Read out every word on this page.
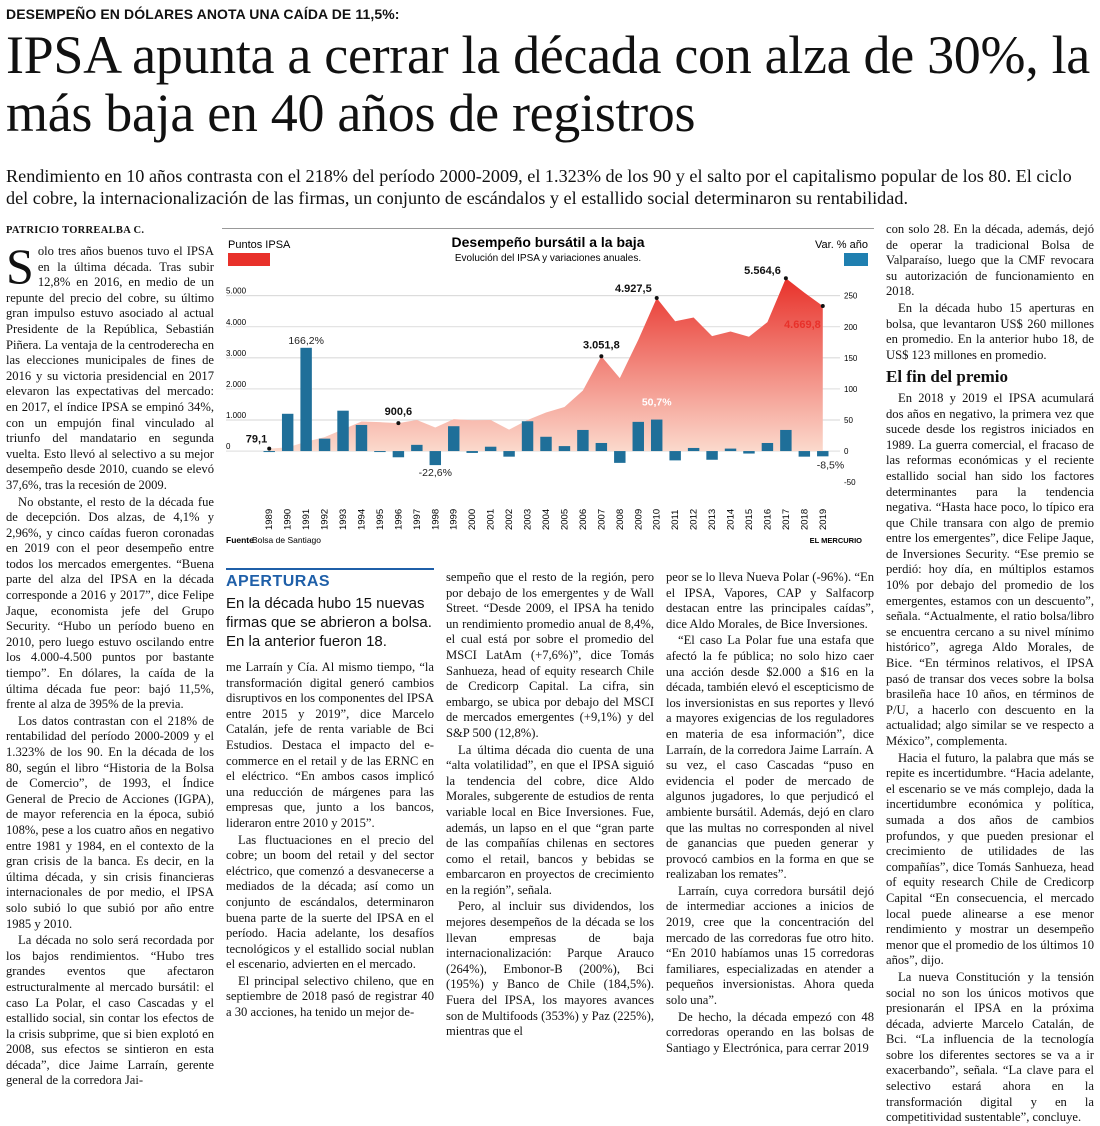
DESEMPEÑO EN DÓLARES ANOTA UNA CAÍDA DE 11,5%:
IPSA apunta a cerrar la década con alza de 30%, la más baja en 40 años de registros
Rendimiento en 10 años contrasta con el 218% del período 2000-2009, el 1.323% de los 90 y el salto por el capitalismo popular de los 80. El ciclo del cobre, la internacionalización de las firmas, un conjunto de escándalos y el estallido social determinaron su rentabilidad.
PATRICIO TORREALBA C.

Solo tres años buenos tuvo el IPSA en la última década. Tras subir 12,8% en 2016, en medio de un repunte del precio del cobre, su último gran impulso estuvo asociado al actual Presidente de la República, Sebastián Piñera. La ventaja de la centroderecha en las elecciones municipales de fines de 2016 y su victoria presidencial en 2017 elevaron las expectativas del mercado: en 2017, el índice IPSA se empinó 34%, con un empujón final vinculado al triunfo del mandatario en segunda vuelta. Esto llevó al selectivo a su mejor desempeño desde 2010, cuando se elevó 37,6%, tras la recesión de 2009.

No obstante, el resto de la década fue de decepción. Dos alzas, de 4,1% y 2,96%, y cinco caídas fueron coronadas en 2019 con el peor desempeño entre todos los mercados emergentes. “Buena parte del alza del IPSA en la década corresponde a 2016 y 2017”, dice Felipe Jaque, economista jefe del Grupo Security. “Hubo un período bueno en 2010, pero luego estuvo oscilando entre los 4.000-4.500 puntos por bastante tiempo”. En dólares, la caída de la última década fue peor: bajó 11,5%, frente al alza de 395% de la previa.

Los datos contrastan con el 218% de rentabilidad del período 2000-2009 y el 1.323% de los 90. En la década de los 80, según el libro “Historia de la Bolsa de Comercio”, de 1993, el Índice General de Precio de Acciones (IGPA), de mayor referencia en la época, subió 108%, pese a los cuatro años en negativo entre 1981 y 1984, en el contexto de la gran crisis de la banca. Es decir, en la última década, y sin crisis financieras internacionales de por medio, el IPSA solo subió lo que subió por año entre 1985 y 2010.

La década no solo será recordada por los bajos rendimientos. “Hubo tres grandes eventos que afectaron estructuralmente al mercado bursátil: el caso La Polar, el caso Cascadas y el estallido social, sin contar los efectos de la crisis subprime, que si bien explotó en 2008, sus efectos se sintieron en esta década”, dice Jaime Larraín, gerente general de la corredora Jai-

5.000
4.000
3.000
2.000
1.000
0
250
200
150
100
50
0
-50
166,2%
-22,6%
50,7%
-8,5%
79,1
900,6
3.051,8
4.927,5
5.564,6
4.669,8
1989 1990 1991 1992 1993 1994 1995 1996 1997 1998 1999 2000 2001 2002 2003 2004 2005 2006 2007 2008 2009 2010 2011 2012 2013 2014 2015 2016 2017 2018 2019
Puntos IPSA	Var. % año
Desempeño bursátil a la baja
Evolución del IPSA y variaciones anuales.
Fuente
Bolsa de Santiago	EL MERCURIO
APERTURAS
En la década hubo 15 nuevas firmas que se abrieron a bolsa. En la anterior fueron 18.

me Larraín y Cía. Al mismo tiempo, “la transformación digital generó cambios disruptivos en los componentes del IPSA entre 2015 y 2019”, dice Marcelo Catalán, jefe de renta variable de Bci Estudios. Destaca el impacto del e-commerce en el retail y de las ERNC en el eléctrico. “En ambos casos implicó una reducción de márgenes para las empresas que, junto a los bancos, lideraron entre 2010 y 2015”.

Las fluctuaciones en el precio del cobre; un boom del retail y del sector eléctrico, que comenzó a desvanecerse a mediados de la década; así como un conjunto de escándalos, determinaron buena parte de la suerte del IPSA en el período. Hacia adelante, los desafíos tecnológicos y el estallido social nublan el escenario, advierten en el mercado.

El principal selectivo chileno, que en septiembre de 2018 pasó de registrar 40 a 30 acciones, ha tenido un mejor de-

sempeño que el resto de la región, pero por debajo de los emergentes y de Wall Street. “Desde 2009, el IPSA ha tenido un rendimiento promedio anual de 8,4%, el cual está por sobre el promedio del MSCI LatAm (+7,6%)”, dice Tomás Sanhueza, head of equity research Chile de Credicorp Capital. La cifra, sin embargo, se ubica por debajo del MSCI de mercados emergentes (+9,1%) y del S&P 500 (12,8%).

La última década dio cuenta de una “alta volatilidad”, en que el IPSA siguió la tendencia del cobre, dice Aldo Morales, subgerente de estudios de renta variable local en Bice Inversiones. Fue, además, un lapso en el que “gran parte de las compañías chilenas en sectores como el retail, bancos y bebidas se embarcaron en proyectos de crecimiento en la región”, señala.

Pero, al incluir sus dividendos, los mejores desempeños de la década se los llevan empresas de baja internacionalización: Parque Arauco (264%), Embonor-B (200%), Bci (195%) y Banco de Chile (184,5%). Fuera del IPSA, los mayores avances son de Multifoods (353%) y Paz (225%), mientras que el

peor se lo lleva Nueva Polar (-96%). “En el IPSA, Vapores, CAP y Salfacorp destacan entre las principales caídas”, dice Aldo Morales, de Bice Inversiones.

“El caso La Polar fue una estafa que afectó la fe pública; no solo hizo caer una acción desde $2.000 a $16 en la década, también elevó el escepticismo de los inversionistas en sus reportes y llevó a mayores exigencias de los reguladores en materia de esa información”, dice Larraín, de la corredora Jaime Larraín. A su vez, el caso Cascadas “puso en evidencia el poder de mercado de algunos jugadores, lo que perjudicó el ambiente bursátil. Además, dejó en claro que las multas no corresponden al nivel de ganancias que pueden generar y provocó cambios en la forma en que se realizaban los remates”.

Larraín, cuya corredora bursátil dejó de intermediar acciones a inicios de 2019, cree que la concentración del mercado de las corredoras fue otro hito. “En 2010 habíamos unas 15 corredoras familiares, especializadas en atender a pequeños inversionistas. Ahora queda solo una”.

De hecho, la década empezó con 48 corredoras operando en las bolsas de Santiago y Electrónica, para cerrar 2019

con solo 28. En la década, además, dejó de operar la tradicional Bolsa de Valparaíso, luego que la CMF revocara su autorización de funcionamiento en 2018.

En la década hubo 15 aperturas en bolsa, que levantaron US$ 260 millones en promedio. En la anterior hubo 18, de US$ 123 millones en promedio.

El fin del premio

En 2018 y 2019 el IPSA acumulará dos años en negativo, la primera vez que sucede desde los registros iniciados en 1989. La guerra comercial, el fracaso de las reformas económicas y el reciente estallido social han sido los factores determinantes para la tendencia negativa. “Hasta hace poco, lo típico era que Chile transara con algo de premio entre los emergentes”, dice Felipe Jaque, de Inversiones Security. “Ese premio se perdió: hoy día, en múltiplos estamos 10% por debajo del promedio de los emergentes, estamos con un descuento”, señala. “Actualmente, el ratio bolsa/libro se encuentra cercano a su nivel mínimo histórico”, agrega Aldo Morales, de Bice. “En términos relativos, el IPSA pasó de transar dos veces sobre la bolsa brasileña hace 10 años, en términos de P/U, a hacerlo con descuento en la actualidad; algo similar se ve respecto a México”, complementa.

Hacia el futuro, la palabra que más se repite es incertidumbre. “Hacia adelante, el escenario se ve más complejo, dada la incertidumbre económica y política, sumada a dos años de cambios profundos, y que pueden presionar el crecimiento de utilidades de las compañías”, dice Tomás Sanhueza, head of equity research Chile de Credicorp Capital “En consecuencia, el mercado local puede alinearse a ese menor rendimiento y mostrar un desempeño menor que el promedio de los últimos 10 años”, dijo.

La nueva Constitución y la tensión social no son los únicos motivos que presionarán el IPSA en la próxima década, advierte Marcelo Catalán, de Bci. “La influencia de la tecnología sobre los diferentes sectores se va a ir exacerbando”, señala. “La clave para el selectivo estará ahora en la transformación digital y en la competitividad sustentable”, concluye.
